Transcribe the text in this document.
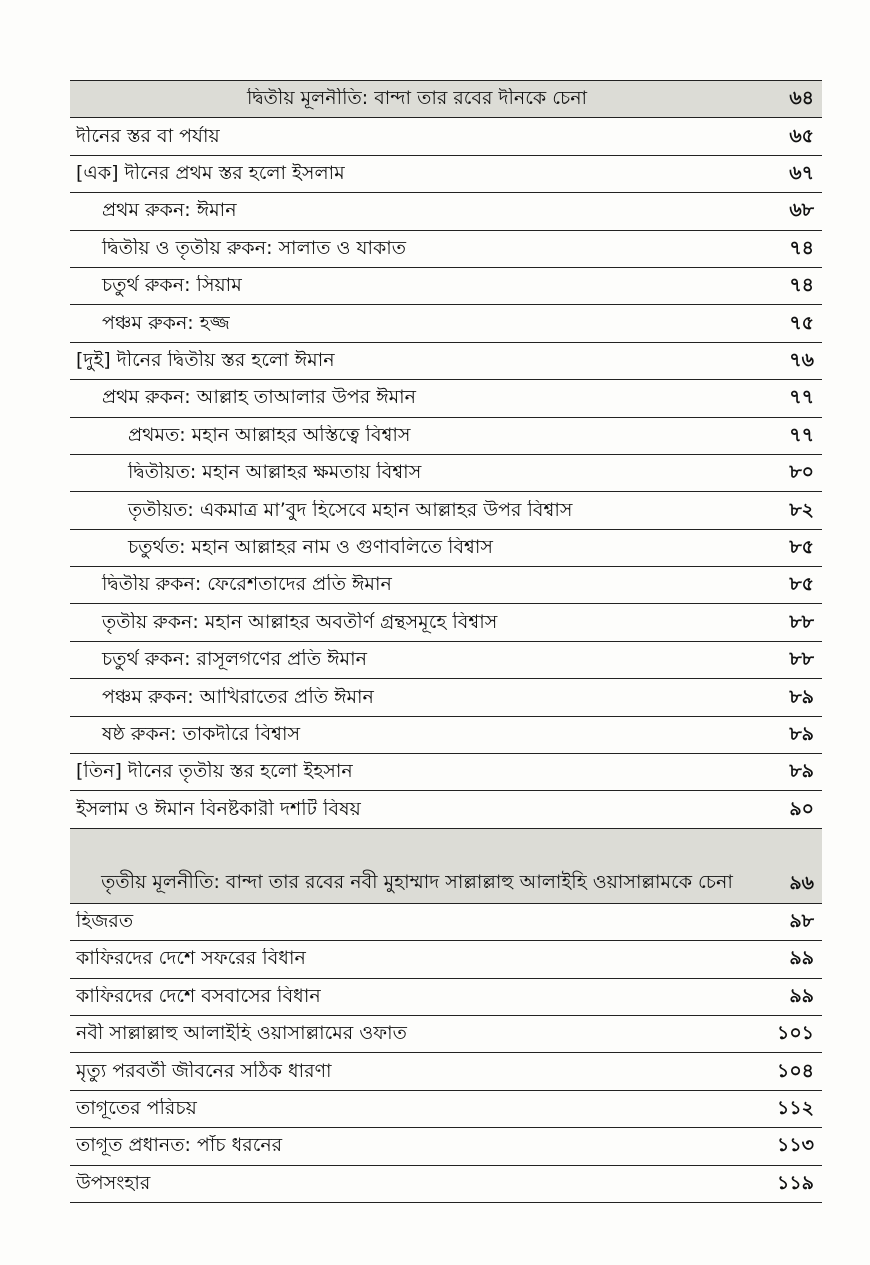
দ্বিতীয় মূলনীতি: বান্দা তার রবের দীনকে চেনা	৬৪
দীনের স্তর বা পর্যায়	৬৫
[এক] দীনের প্রথম স্তর হলো ইসলাম	৬৭
প্রথম রুকন: ঈমান	৬৮
দ্বিতীয় ও তৃতীয় রুকন: সালাত ও যাকাত	৭৪
চতুর্থ রুকন: সিয়াম	৭৪
পঞ্চম রুকন: হজ্জ	৭৫
[দুই] দীনের দ্বিতীয় স্তর হলো ঈমান	৭৬
প্রথম রুকন: আল্লাহ তাআলার উপর ঈমান	৭৭
প্রথমত: মহান আল্লাহর অস্তিত্বে বিশ্বাস	৭৭
দ্বিতীয়ত: মহান আল্লাহর ক্ষমতায় বিশ্বাস	৮০
তৃতীয়ত: একমাত্র মা’বুদ হিসেবে মহান আল্লাহর উপর বিশ্বাস	৮২
চতুর্থত: মহান আল্লাহর নাম ও গুণাবলিতে বিশ্বাস	৮৫
দ্বিতীয় রুকন: ফেরেশতাদের প্রতি ঈমান	৮৫
তৃতীয় রুকন: মহান আল্লাহর অবতীর্ণ গ্রন্থসমূহে বিশ্বাস	৮৮
চতুর্থ রুকন: রাসূলগণের প্রতি ঈমান	৮৮
পঞ্চম রুকন: আখিরাতের প্রতি ঈমান	৮৯
ষষ্ঠ রুকন: তাকদীরে বিশ্বাস	৮৯
[তিন] দীনের তৃতীয় স্তর হলো ইহসান	৮৯
ইসলাম ও ঈমান বিনষ্টকারী দশটি বিষয়	৯০
তৃতীয় মূলনীতি: বান্দা তার রবের নবী মুহাম্মাদ সাল্লাল্লাহু আলাইহি ওয়াসাল্লামকে চেনা	৯৬
হিজরত	৯৮
কাফিরদের দেশে সফরের বিধান	৯৯
কাফিরদের দেশে বসবাসের বিধান	৯৯
নবী সাল্লাল্লাহু আলাইহি ওয়াসাল্লামের ওফাত	১০১
মৃত্যু পরবর্তী জীবনের সঠিক ধারণা	১০৪
তাগূতের পরিচয়	১১২
তাগূত প্রধানত: পাঁচ ধরনের	১১৩
উপসংহার	১১৯
